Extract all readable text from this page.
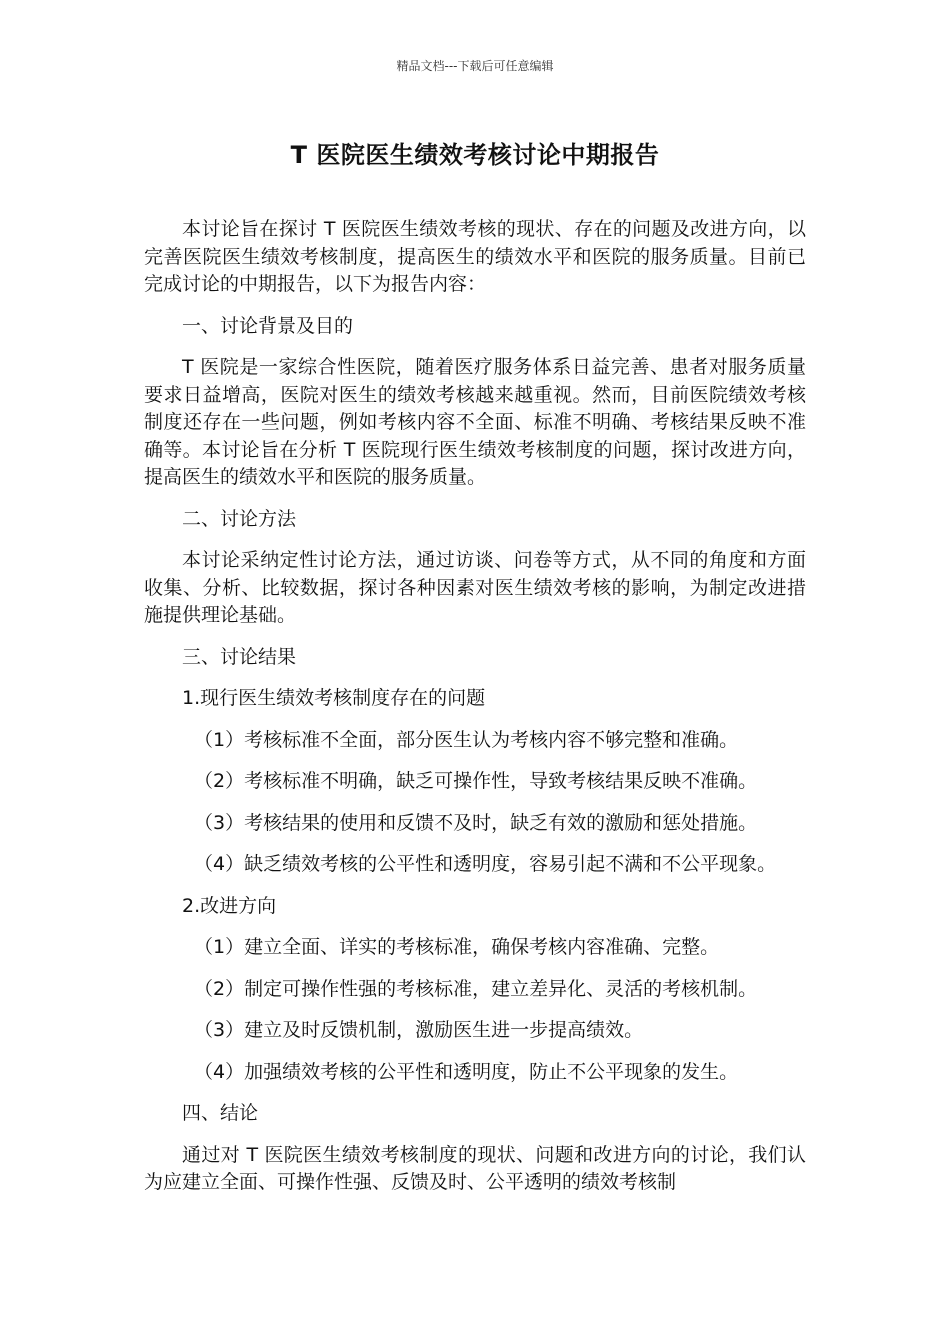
精品文档---下载后可任意编辑
T 医院医生绩效考核讨论中期报告

本讨论旨在探讨 T 医院医生绩效考核的现状、存在的问题及改进方向，以完善医院医生绩效考核制度，提高医生的绩效水平和医院的服务质量。目前已完成讨论的中期报告，以下为报告内容：

一、讨论背景及目的

T 医院是一家综合性医院，随着医疗服务体系日益完善、患者对服务质量要求日益增高，医院对医生的绩效考核越来越重视。然而，目前医院绩效考核制度还存在一些问题，例如考核内容不全面、标准不明确、考核结果反映不准确等。本讨论旨在分析 T 医院现行医生绩效考核制度的问题，探讨改进方向，提高医生的绩效水平和医院的服务质量。

二、讨论方法

本讨论采纳定性讨论方法，通过访谈、问卷等方式，从不同的角度和方面收集、分析、比较数据，探讨各种因素对医生绩效考核的影响，为制定改进措施提供理论基础。

三、讨论结果

1.现行医生绩效考核制度存在的问题

（1）考核标准不全面，部分医生认为考核内容不够完整和准确。

（2）考核标准不明确，缺乏可操作性，导致考核结果反映不准确。

（3）考核结果的使用和反馈不及时，缺乏有效的激励和惩处措施。

（4）缺乏绩效考核的公平性和透明度，容易引起不满和不公平现象。

2.改进方向

（1）建立全面、详实的考核标准，确保考核内容准确、完整。

（2）制定可操作性强的考核标准，建立差异化、灵活的考核机制。

（3）建立及时反馈机制，激励医生进一步提高绩效。

（4）加强绩效考核的公平性和透明度，防止不公平现象的发生。

四、结论

通过对 T 医院医生绩效考核制度的现状、问题和改进方向的讨论，我们认为应建立全面、可操作性强、反馈及时、公平透明的绩效考核制
